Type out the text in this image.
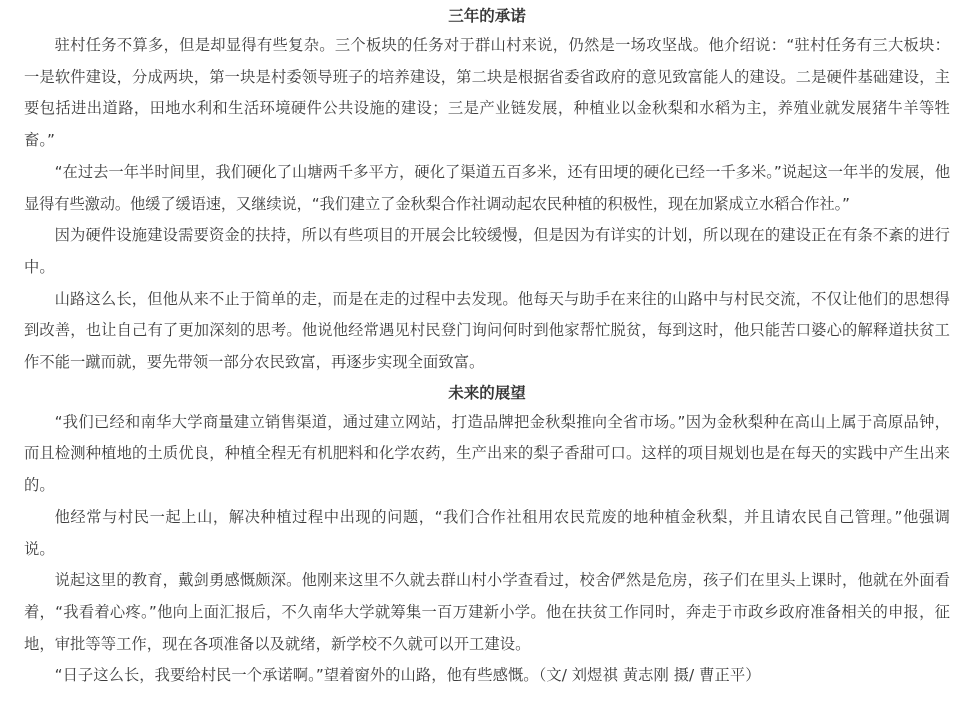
三年的承诺

驻村任务不算多，但是却显得有些复杂。三个板块的任务对于群山村来说，仍然是一场攻坚战。他介绍说：“驻村任务有三大板块：一是软件建设，分成两块，第一块是村委领导班子的培养建设，第二块是根据省委省政府的意见致富能人的建设。二是硬件基础建设，主要包括进出道路，田地水利和生活环境硬件公共设施的建设；三是产业链发展，种植业以金秋梨和水稻为主，养殖业就发展猪牛羊等牲畜。”

“在过去一年半时间里，我们硬化了山塘两千多平方，硬化了渠道五百多米，还有田埂的硬化已经一千多米。”说起这一年半的发展，他显得有些激动。他缓了缓语速，又继续说，“我们建立了金秋梨合作社调动起农民种植的积极性，现在加紧成立水稻合作社。”

因为硬件设施建设需要资金的扶持，所以有些项目的开展会比较缓慢，但是因为有详实的计划，所以现在的建设正在有条不紊的进行中。

山路这么长，但他从来不止于简单的走，而是在走的过程中去发现。他每天与助手在来往的山路中与村民交流，不仅让他们的思想得到改善，也让自己有了更加深刻的思考。他说他经常遇见村民登门询问何时到他家帮忙脱贫，每到这时，他只能苦口婆心的解释道扶贫工作不能一蹴而就，要先带领一部分农民致富，再逐步实现全面致富。

未来的展望

“我们已经和南华大学商量建立销售渠道，通过建立网站，打造品牌把金秋梨推向全省市场。”因为金秋梨种在高山上属于高原品钟，而且检测种植地的土质优良，种植全程无有机肥料和化学农药，生产出来的梨子香甜可口。这样的项目规划也是在每天的实践中产生出来的。

他经常与村民一起上山，解决种植过程中出现的问题，“我们合作社租用农民荒废的地种植金秋梨，并且请农民自己管理。”他强调说。

说起这里的教育，戴剑勇感慨颇深。他刚来这里不久就去群山村小学查看过，校舍俨然是危房，孩子们在里头上课时，他就在外面看着，“我看着心疼。”他向上面汇报后，不久南华大学就筹集一百万建新小学。他在扶贫工作同时，奔走于市政乡政府准备相关的申报，征地，审批等等工作，现在各项准备以及就绪，新学校不久就可以开工建设。

“日子这么长，我要给村民一个承诺啊。”望着窗外的山路，他有些感慨。（文/ 刘煜祺 黄志刚 摄/ 曹正平）
